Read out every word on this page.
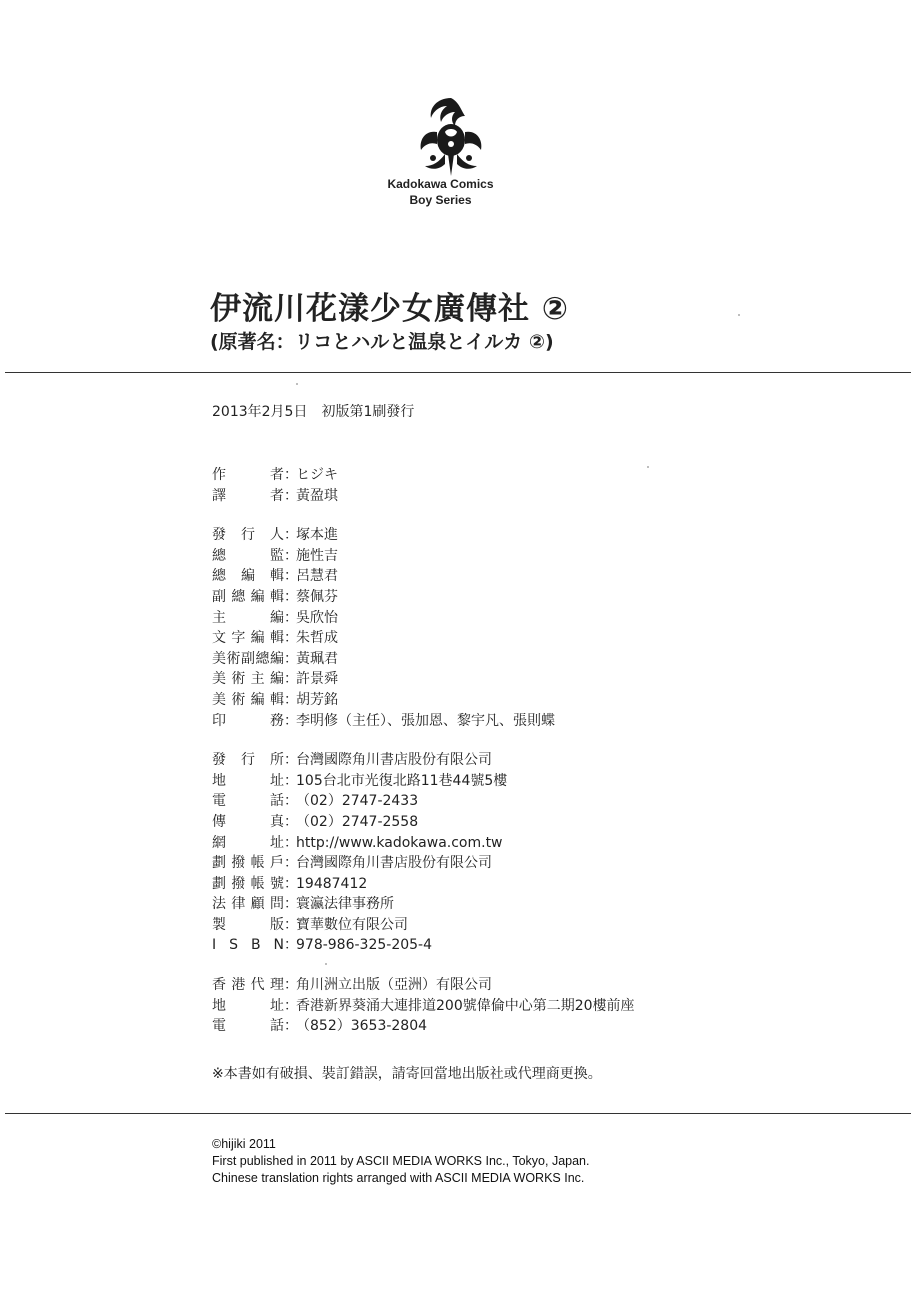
Kadokawa Comics
Boy Series
伊流川花漾少女廣傳社 ②
(原著名：リコとハルと温泉とイルカ ②)
2013年2月5日　初版第1刷發行
作　者：ヒジキ
譯　者：黃盈琪
發行人：塚本進
總　監：施性吉
總編輯：呂慧君
副總編輯：蔡佩芬
主　編：吳欣怡
文字編輯：朱哲成
美術副總編：黃珮君
美術主編：許景舜
美術編輯：胡芳銘
印　務：李明修（主任）、張加恩、黎宇凡、張則蝶
發行所：台灣國際角川書店股份有限公司
地　址：105台北市光復北路11巷44號5樓
電　話：（02）2747-2433
傳　真：（02）2747-2558
網　址：http://www.kadokawa.com.tw
劃撥帳戶：台灣國際角川書店股份有限公司
劃撥帳號：19487412
法律顧問：寰瀛法律事務所
製　版：寶華數位有限公司
I S B N：978-986-325-205-4
香港代理：角川洲立出版（亞洲）有限公司
地　址：香港新界葵涌大連排道200號偉倫中心第二期20樓前座
電　話：（852）3653-2804
※本書如有破損、裝訂錯誤，請寄回當地出版社或代理商更換。
©hijiki 2011
First published in 2011 by ASCII MEDIA WORKS Inc., Tokyo, Japan.
Chinese translation rights arranged with ASCII MEDIA WORKS Inc.
